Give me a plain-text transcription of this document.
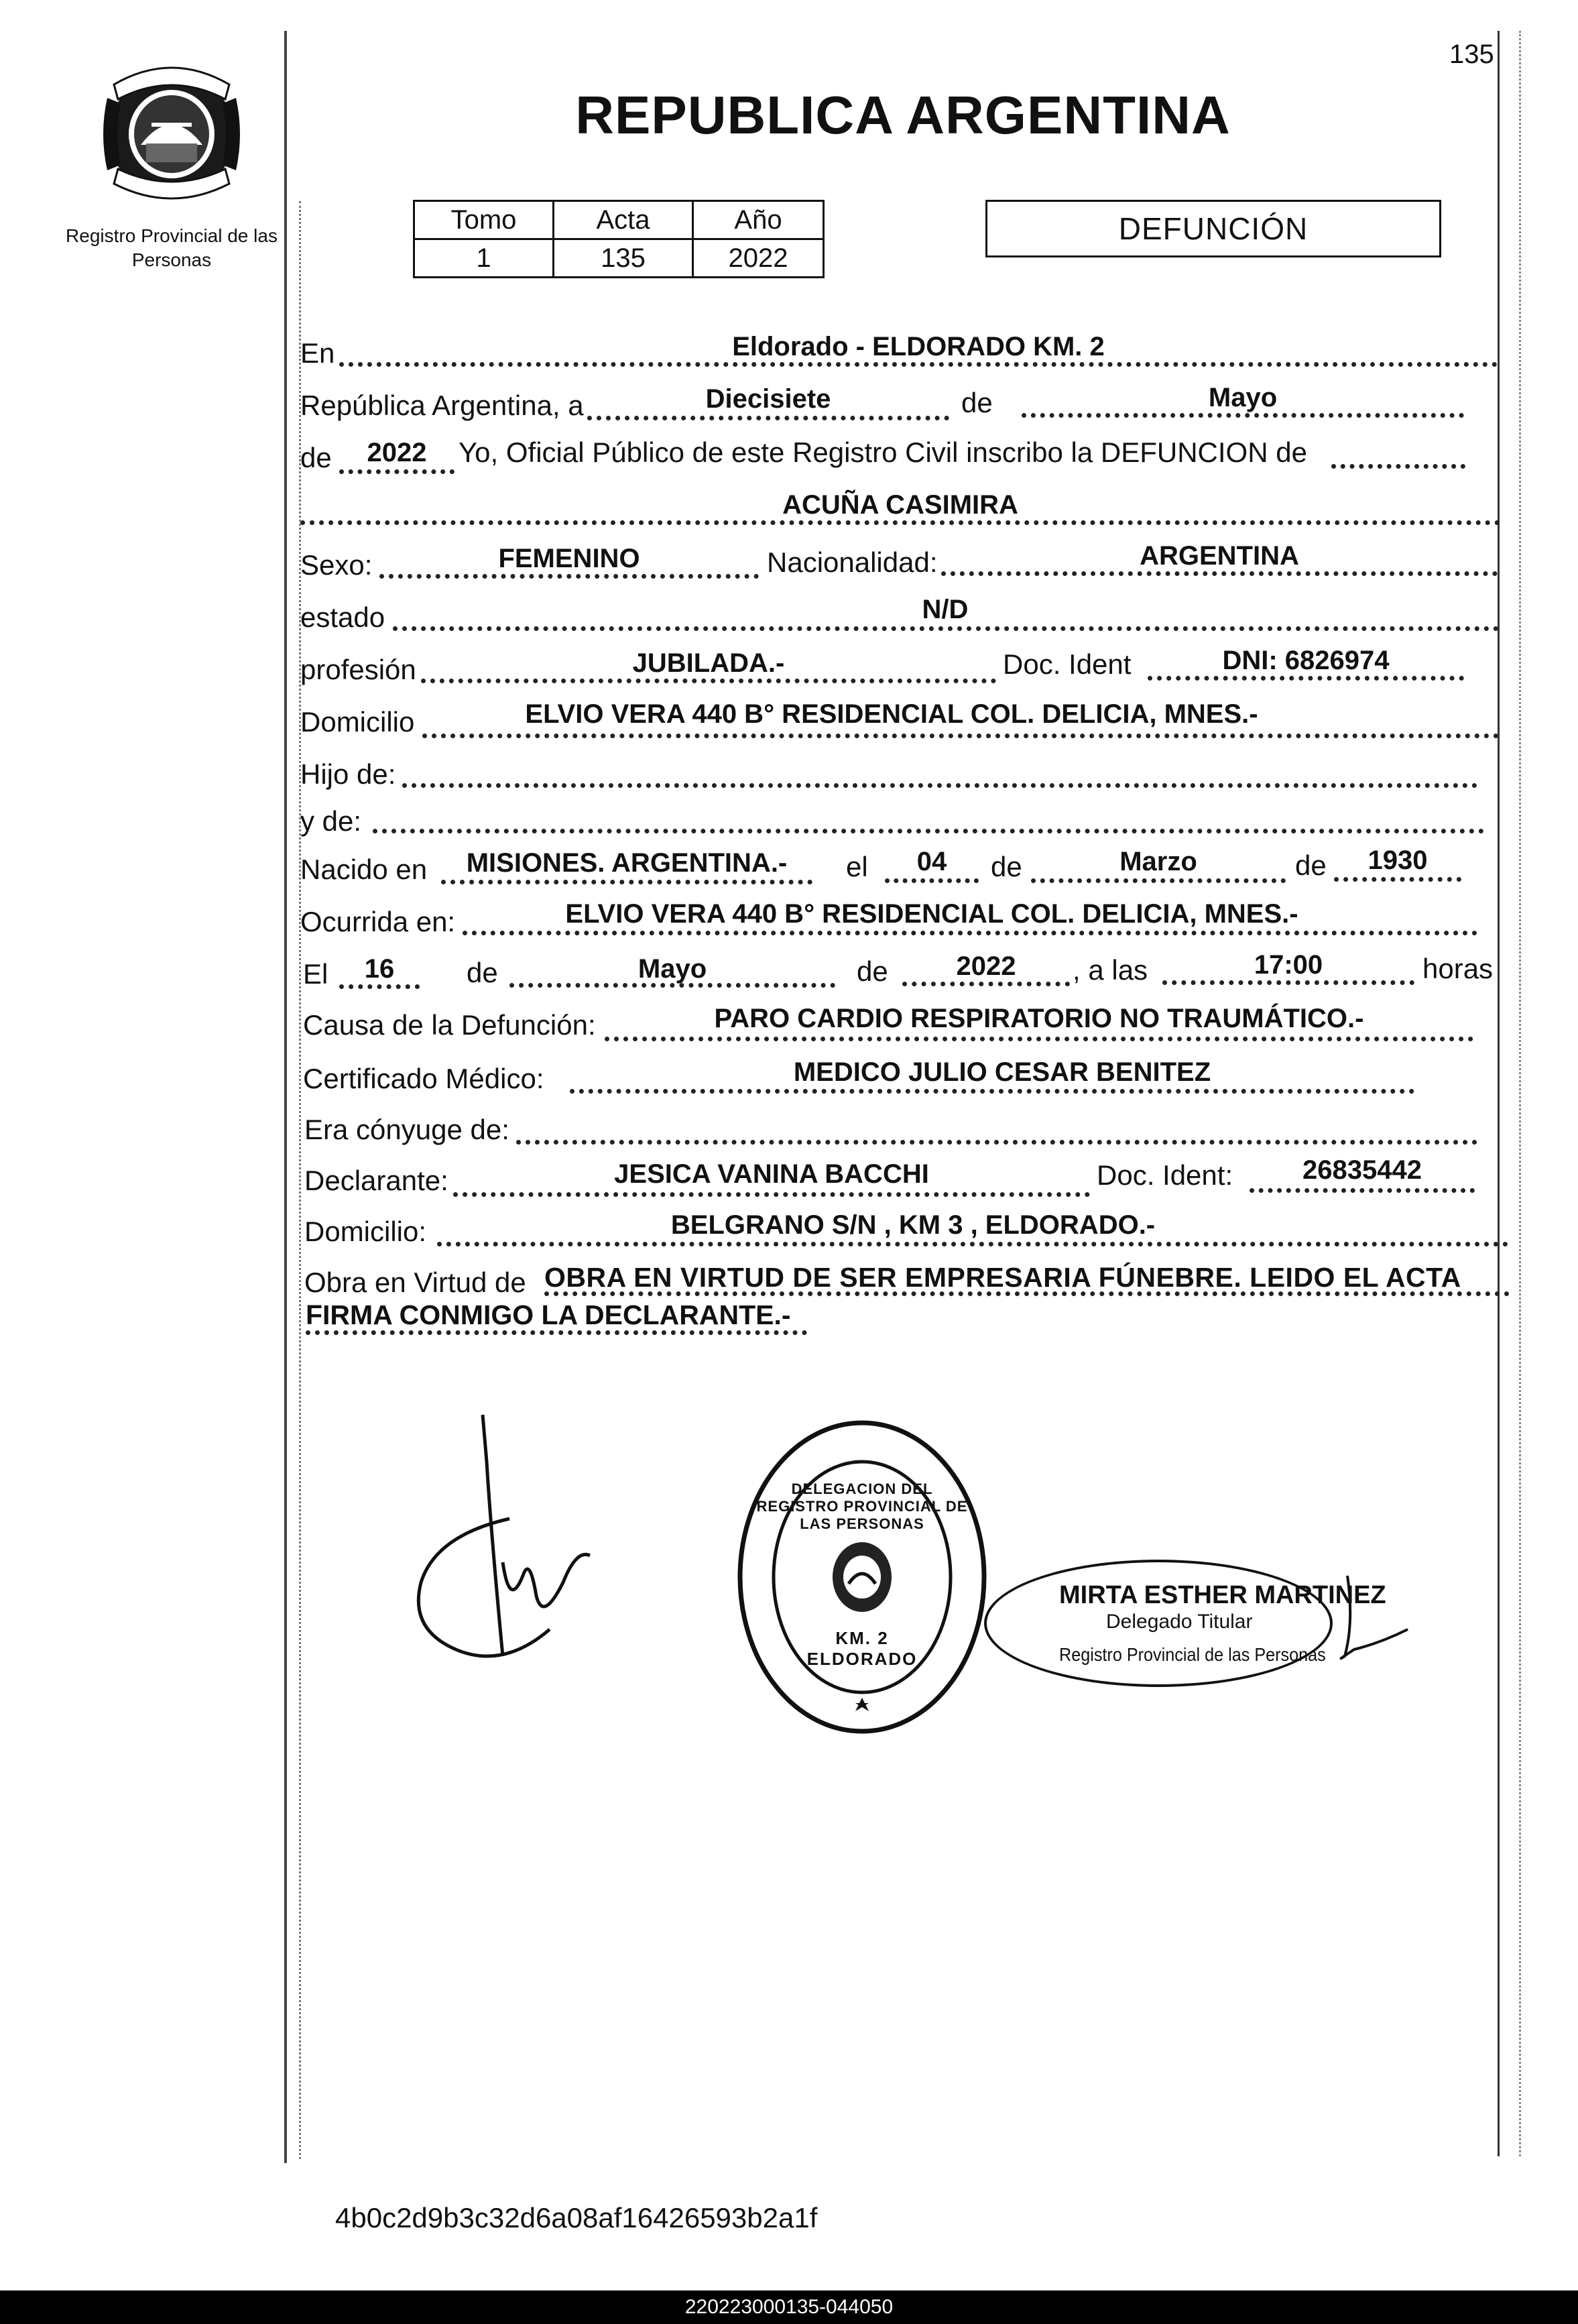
135
Registro Provincial de las Personas
REPUBLICA ARGENTINA
Tomo	Acta	Año
1	135	2022
DEFUNCIÓN
En	Eldorado - ELDORADO KM. 2
República Argentina, a	Diecisiete	de	Mayo
de	2022	Yo, Oficial Público de este Registro Civil inscribo la DEFUNCION de
ACUÑA CASIMIRA
Sexo:	FEMENINO	Nacionalidad:	ARGENTINA
estado	N/D
profesión	JUBILADA.-	Doc. Ident	DNI: 6826974
Domicilio	ELVIO VERA 440 B° RESIDENCIAL COL. DELICIA, MNES.-
Hijo de:
y de:
Nacido en	MISIONES. ARGENTINA.-	el	04	de	Marzo	de	1930
Ocurrida en:	ELVIO VERA 440 B° RESIDENCIAL COL. DELICIA, MNES.-
El	16	de	Mayo	de	2022	, a las	17:00	horas
Causa de la Defunción:	PARO CARDIO RESPIRATORIO NO TRAUMÁTICO.-
Certificado Médico:	MEDICO JULIO CESAR BENITEZ
Era cónyuge de:
Declarante:	JESICA VANINA BACCHI	Doc. Ident:	26835442
Domicilio:	BELGRANO S/N , KM 3 , ELDORADO.-
Obra en Virtud de OBRA EN VIRTUD DE SER EMPRESARIA FÚNEBRE. LEIDO EL ACTA
FIRMA CONMIGO LA DECLARANTE.-
DELEGACION DEL REGISTRO PROVINCIAL DE LAS PERSONAS
KM. 2 ELDORADO
MIRTA ESTHER MARTINEZ
Delegado Titular
Registro Provincial de las Personas
4b0c2d9b3c32d6a08af16426593b2a1f
220223000135-044050
